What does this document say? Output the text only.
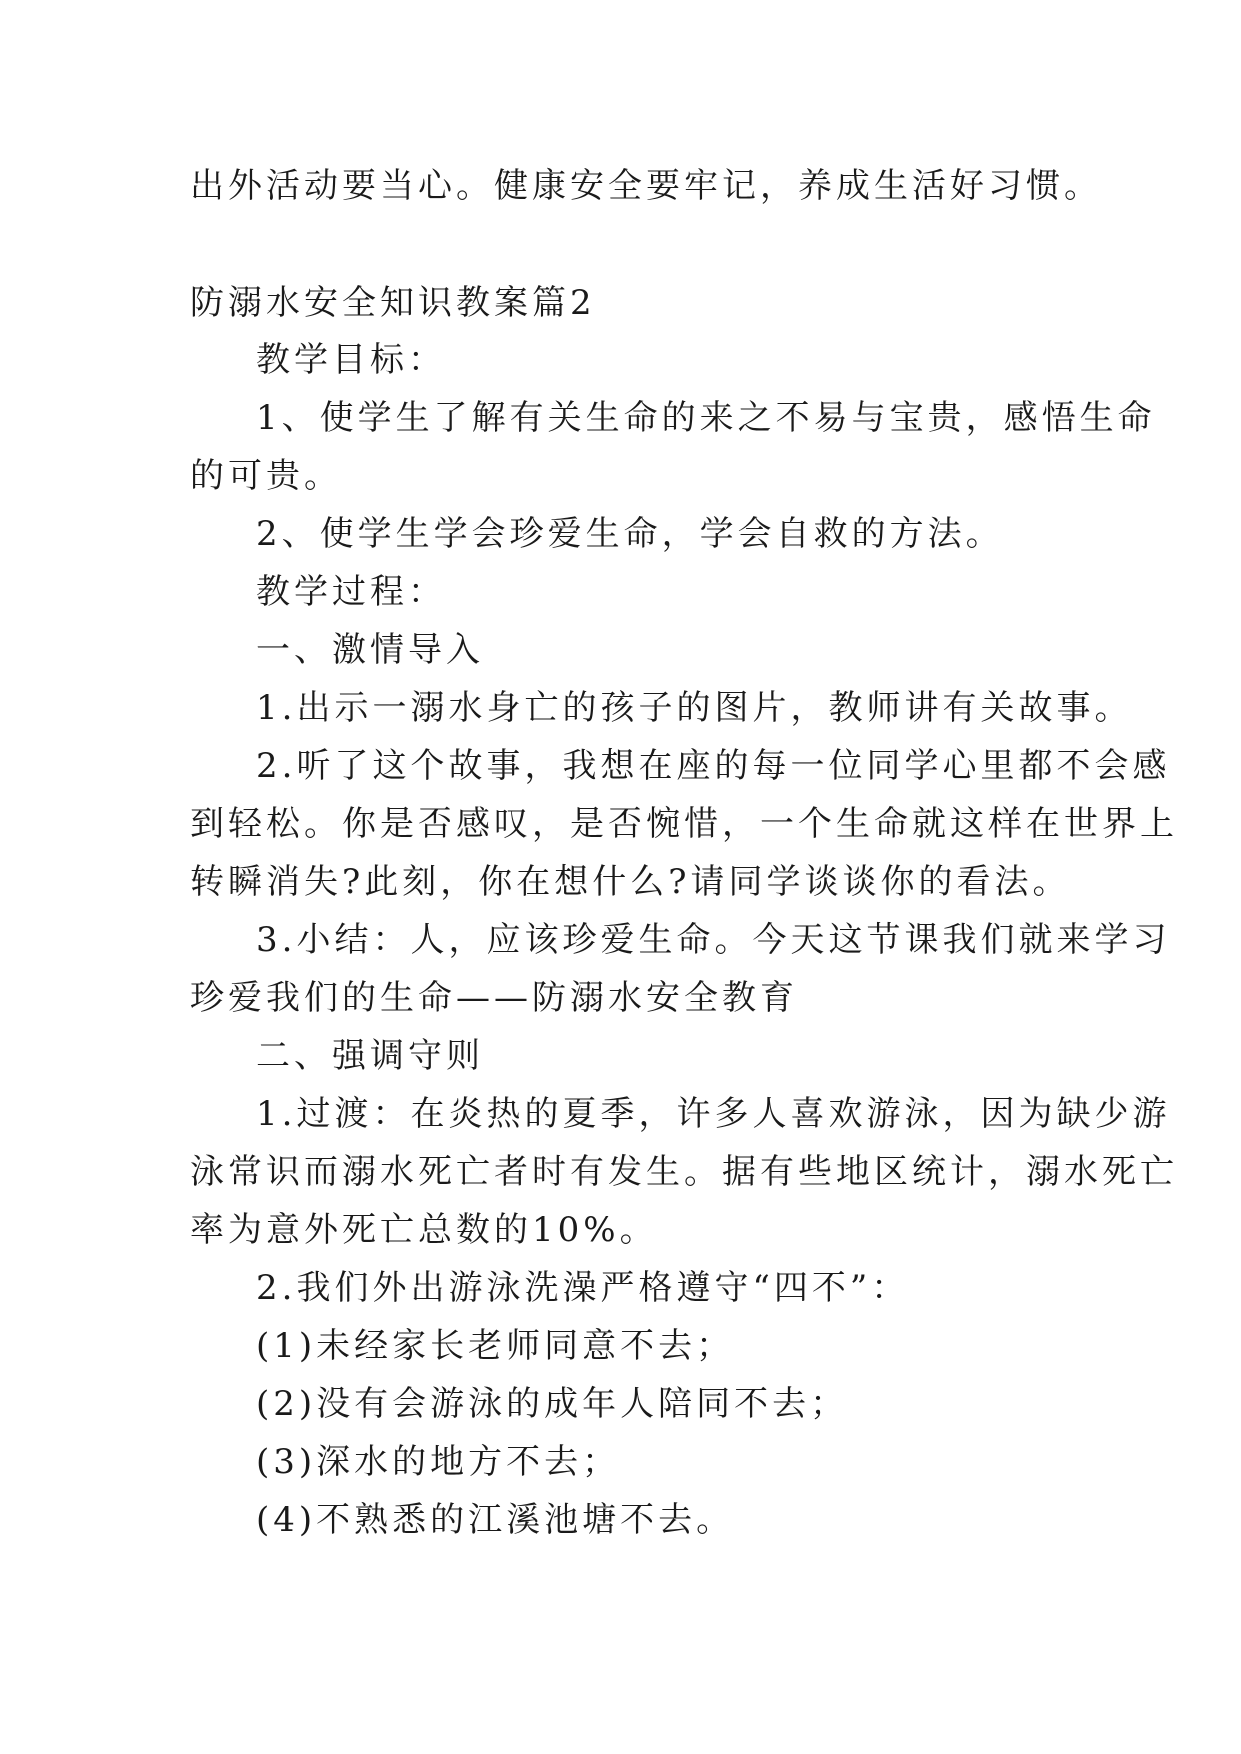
出外活动要当心。健康安全要牢记，养成生活好习惯。
防溺水安全知识教案篇2
教学目标：
1、使学生了解有关生命的来之不易与宝贵，感悟生命
的可贵。
2、使学生学会珍爱生命，学会自救的方法。
教学过程：
一、激情导入
1.出示一溺水身亡的孩子的图片，教师讲有关故事。
2.听了这个故事，我想在座的每一位同学心里都不会感
到轻松。你是否感叹，是否惋惜，一个生命就这样在世界上
转瞬消失?此刻，你在想什么?请同学谈谈你的看法。
3.小结：人，应该珍爱生命。今天这节课我们就来学习
珍爱我们的生命——防溺水安全教育
二、强调守则
1.过渡：在炎热的夏季，许多人喜欢游泳，因为缺少游
泳常识而溺水死亡者时有发生。据有些地区统计，溺水死亡
率为意外死亡总数的10%。
2.我们外出游泳洗澡严格遵守“四不”：
(1)未经家长老师同意不去；
(2)没有会游泳的成年人陪同不去；
(3)深水的地方不去；
(4)不熟悉的江溪池塘不去。
